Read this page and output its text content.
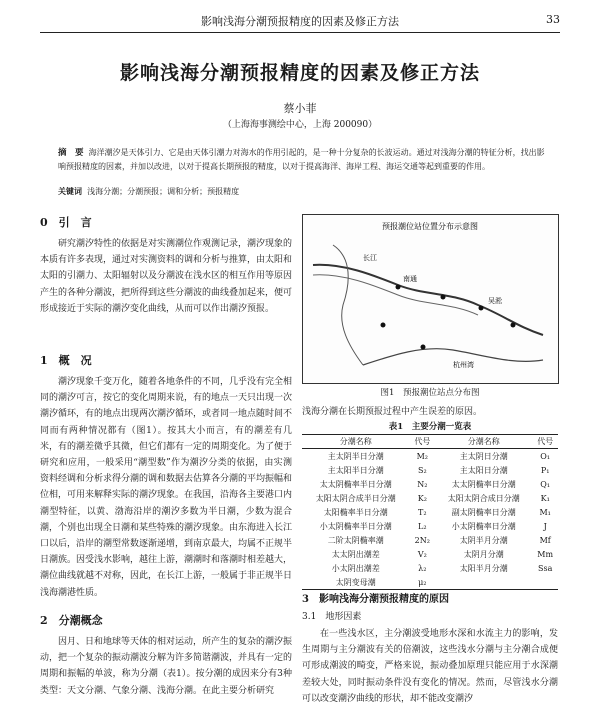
影响浅海分潮预报精度的因素及修正方法	33
影响浅海分潮预报精度的因素及修正方法
蔡小菲
（上海海事测绘中心，上海 200090）
摘　要 海洋潮汐是天体引力、它是由天体引潮力对海水的作用引起的，是一种十分复杂的长波运动。通过对浅海分潮的特征分析，找出影响预报精度的因素，并加以改进，以对于提高长期预报的精度，以对于提高海洋、海岸工程、海运交通等起到重要的作用。
关键词 浅海分潮；分潮预报；调和分析；预报精度
0　引　言

研究潮汐特性的依据是对实测潮位作观测记录，潮汐现象的本质有许多表现，通过对实测资料的调和分析与推算，由太阳和太阳的引潮力、太阳辐射以及分潮波在浅水区的相互作用等原因产生的各种分潮波，把所得到这些分潮波的曲线叠加起来，便可形成接近于实际的潮汐变化曲线，从而可以作出潮汐预报。

1　概　况

潮汐现象千变万化，随着各地条件的不同，几乎没有完全相同的潮汐可言，按它的变化周期来说，有的地点一天只出现一次潮汐循环，有的地点出现两次潮汐循环，或者同一地点随时间不同而有两种情况都有（图1）。按其大小而言，有的潮差有几米，有的潮差微乎其微，但它们都有一定的周期变化。为了便于研究和应用，一般采用“潮型数”作为潮汐分类的依据，由实测资料经调和分析求得分潮的调和数据去估算各分潮的平均振幅和位相，可用来解释实际的潮汐现象。在我国，沿海各主要港口内潮型特征，以黄、渤海沿岸的潮汐多数为半日潮，少数为混合潮，个别也出现全日潮和某些特殊的潮汐现象。由东海进入长江口以后，沿岸的潮型常数逐渐递增，到南京最大，均属不正规半日潮族。因受浅水影响，越往上游，潮潮时和落潮时相差越大，潮位曲线就越不对称，因此，在长江上游，一般属于非正规半日浅海潮港性质。

2　分潮概念

因月、日和地球等天体的相对运动，所产生的复杂的潮汐振动，把一个复杂的振动潮波分解为许多简谐潮波，并具有一定的周期和振幅的单波，称为分潮（表1）。按分潮的成因来分有3种类型：天文分潮、气象分潮、浅海分潮。在此主要分析研究

预报潮位站位置分布示意图
长江
南通
吴淞
杭州湾
图1　预报潮位站点分布图
浅海分潮在长期预报过程中产生误差的原因。
表1　主要分潮一览表
分潮名称	代号	分潮名称	代号
主太阴半日分潮	M₂	主太阴日分潮	O₁
主太阳半日分潮	S₂	主太阳日分潮	P₁
太太阴椭率半日分潮	N₂	太太阴椭率日分潮	Q₁
太阳太阴合成半日分潮	K₂	太阳太阴合成日分潮	K₁
太阳椭率半日分潮	T₂	副太阴椭率日分潮	M₁
小太阴椭率半日分潮	L₂	小太阴椭率日分潮	J
二阶太阴椭率潮	2N₂	太阴半月分潮	Mf
太太阴出潮差	V₂	太阴月分潮	Mm
小太阴出潮差	λ₂	太阳半月分潮	Ssa
太阴变母潮	μ₂		
3　影响浅海分潮预报精度的原因
3.1　地形因素

在一些浅水区，主分潮波受地形水深和水流主力的影响，发生周期与主分潮波有关的倍潮波，这些浅水分潮与主分潮合成便可形成潮波的畸变，严格来说，振动叠加原理只能应用于水深潮差较大处，同时振动条件没有变化的情况。然而，尽管浅水分潮可以改变潮汐曲线的形状，却不能改变潮汐
